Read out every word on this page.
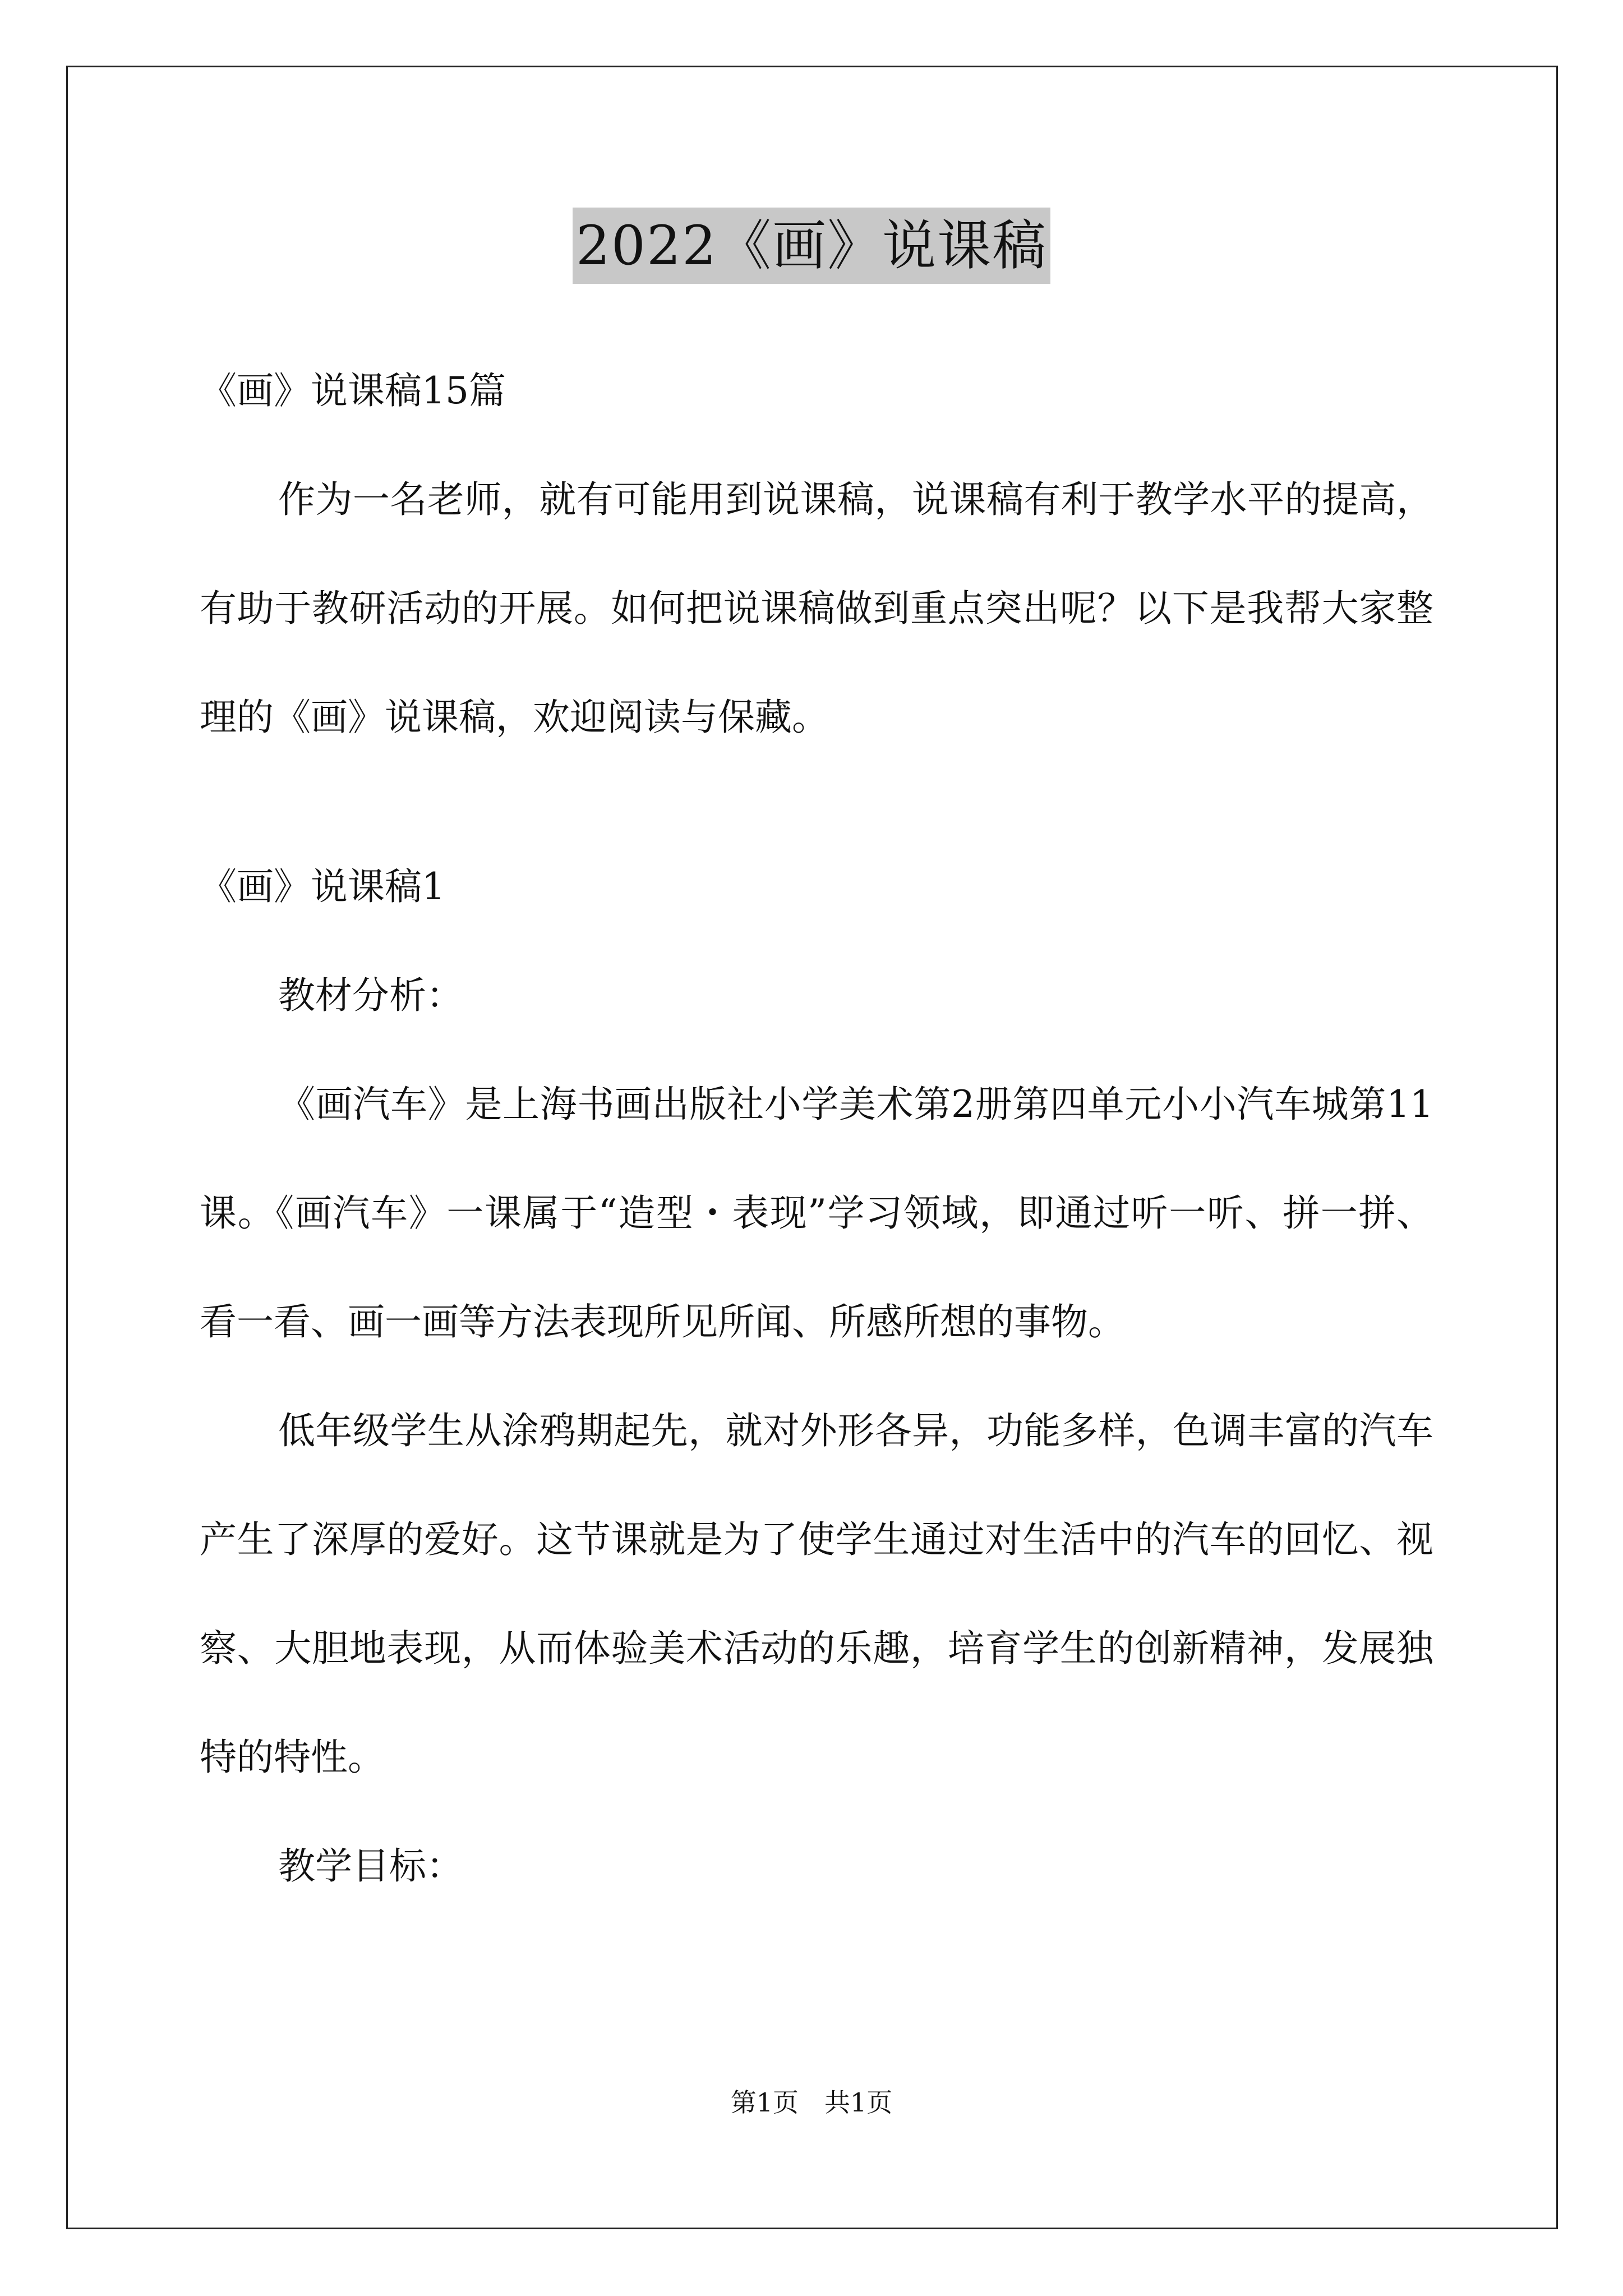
2022《画》说课稿

《画》说课稿15篇

作为一名老师，就有可能用到说课稿，说课稿有利于教学水平的提高，有助于教研活动的开展。如何把说课稿做到重点突出呢？以下是我帮大家整理的《画》说课稿，欢迎阅读与保藏。

《画》说课稿1

教材分析：

《画汽车》是上海书画出版社小学美术第2册第四单元小小汽车城第11课。《画汽车》一课属于“造型・表现”学习领域，即通过听一听、拼一拼、看一看、画一画等方法表现所见所闻、所感所想的事物。

低年级学生从涂鸦期起先，就对外形各异，功能多样，色调丰富的汽车产生了深厚的爱好。这节课就是为了使学生通过对生活中的汽车的回忆、视察、大胆地表现，从而体验美术活动的乐趣，培育学生的创新精神，发展独特的特性。

教学目标：

第1页　共1页
